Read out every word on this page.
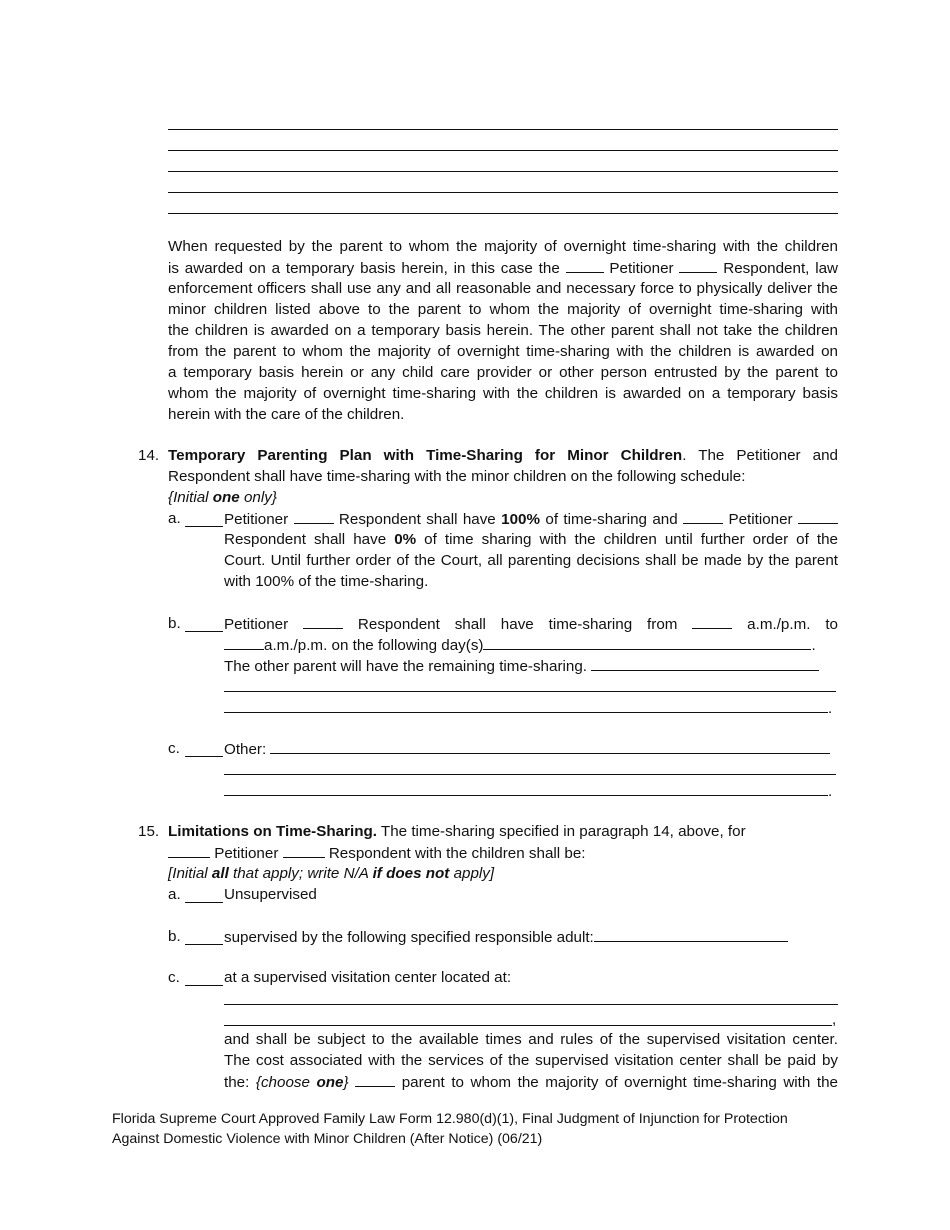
When requested by the parent to whom the majority of overnight time-sharing with the children
is awarded on a temporary basis herein, in this case the	Petitioner	Respondent, law
enforcement officers shall use any and all reasonable and necessary force to physically deliver the
minor children listed above to the parent to whom the majority of overnight time-sharing with
the children is awarded on a temporary basis herein. The other parent shall not take the children
from the parent to whom the majority of overnight time-sharing with the children is awarded on
a temporary basis herein or any child care provider or other person entrusted by the parent to
whom the majority of overnight time-sharing with the children is awarded on a temporary basis
herein with the care of the children.
14. Temporary Parenting Plan with Time-Sharing for Minor Children. The Petitioner and
Respondent shall have time-sharing with the minor children on the following schedule:
{Initial one only}
a.	Petitioner	Respondent shall have 100% of time-sharing and	Petitioner
Respondent shall have 0% of time sharing with the children until further order of the
Court. Until further order of the Court, all parenting decisions shall be made by the parent
with 100% of the time-sharing.
b.	Petitioner	Respondent shall have time-sharing from	a.m./p.m. to
a.m./p.m. on the following day(s)	.
The other parent will have the remaining time-sharing.
.
c.	Other:
.
15. Limitations on Time-Sharing. The time-sharing specified in paragraph 14, above, for
Petitioner	Respondent with the children shall be:
[Initial all that apply; write N/A if does not apply]
a.	Unsupervised
b.	supervised by the following specified responsible adult:
c.	at a supervised visitation center located at:
,
and shall be subject to the available times and rules of the supervised visitation center.
The cost associated with the services of the supervised visitation center shall be paid by
the: {choose one}	parent to whom the majority of overnight time-sharing with the
Florida Supreme Court Approved Family Law Form 12.980(d)(1), Final Judgment of Injunction for Protection
Against Domestic Violence with Minor Children (After Notice) (06/21)
